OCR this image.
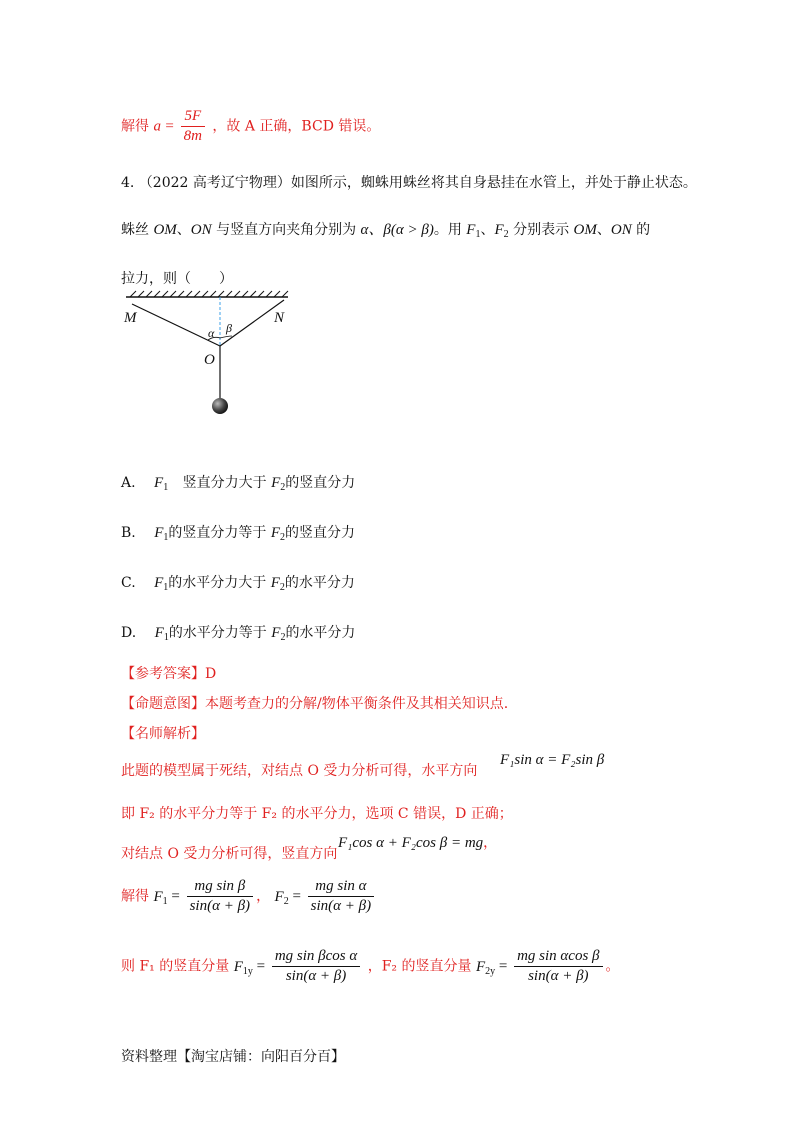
解得 $a = \frac{5F}{8m}$ ，故 A 正确，BCD 错误。
4. （2022 高考辽宁物理）如图所示，蜘蛛用蛛丝将其自身悬挂在水管上，并处于静止状态。
蛛丝 OM、ON 与竖直方向夹角分别为 α、β(α > β)。用 $F_1$、$F_2$ 分别表示 OM、ON 的
拉力，则（　　）
M	N
O
α β
A. $F_1$ 竖直分力大于 $F_2$的竖直分力
B. $F_1$的竖直分力等于 $F_2$的竖直分力
C. $F_1$的水平分力大于 $F_2$的水平分力
D. $F_1$的水平分力等于 $F_2$的水平分力
【参考答案】D
【命题意图】本题考查力的分解/物体平衡条件及其相关知识点.
【名师解析】
此题的模型属于死结，对结点 O 受力分析可得，水平方向
F₁sin α = F₂sin β
即 F₂ 的水平分力等于 F₂ 的水平分力，选项 C 错误，D 正确；
对结点 O 受力分析可得，竖直方向
F₁cos α + F₂cos β = mg，
解得 $F_1 = \frac{\text{mg sin β}}{\sin(\alpha + \beta)}$ ， $F_2 = \frac{\text{mg sin α}}{\sin(\alpha + \beta)}$
则 F₁ 的竖直分量 $F_{1y} = \frac{\text{mg sin βcos α}}{\sin(\alpha + \beta)}$ ，F₂ 的竖直分量 $F_{2y} = \frac{\text{mg sin αcos β}}{\sin(\alpha + \beta)}$ 。
资料整理【淘宝店铺：向阳百分百】
